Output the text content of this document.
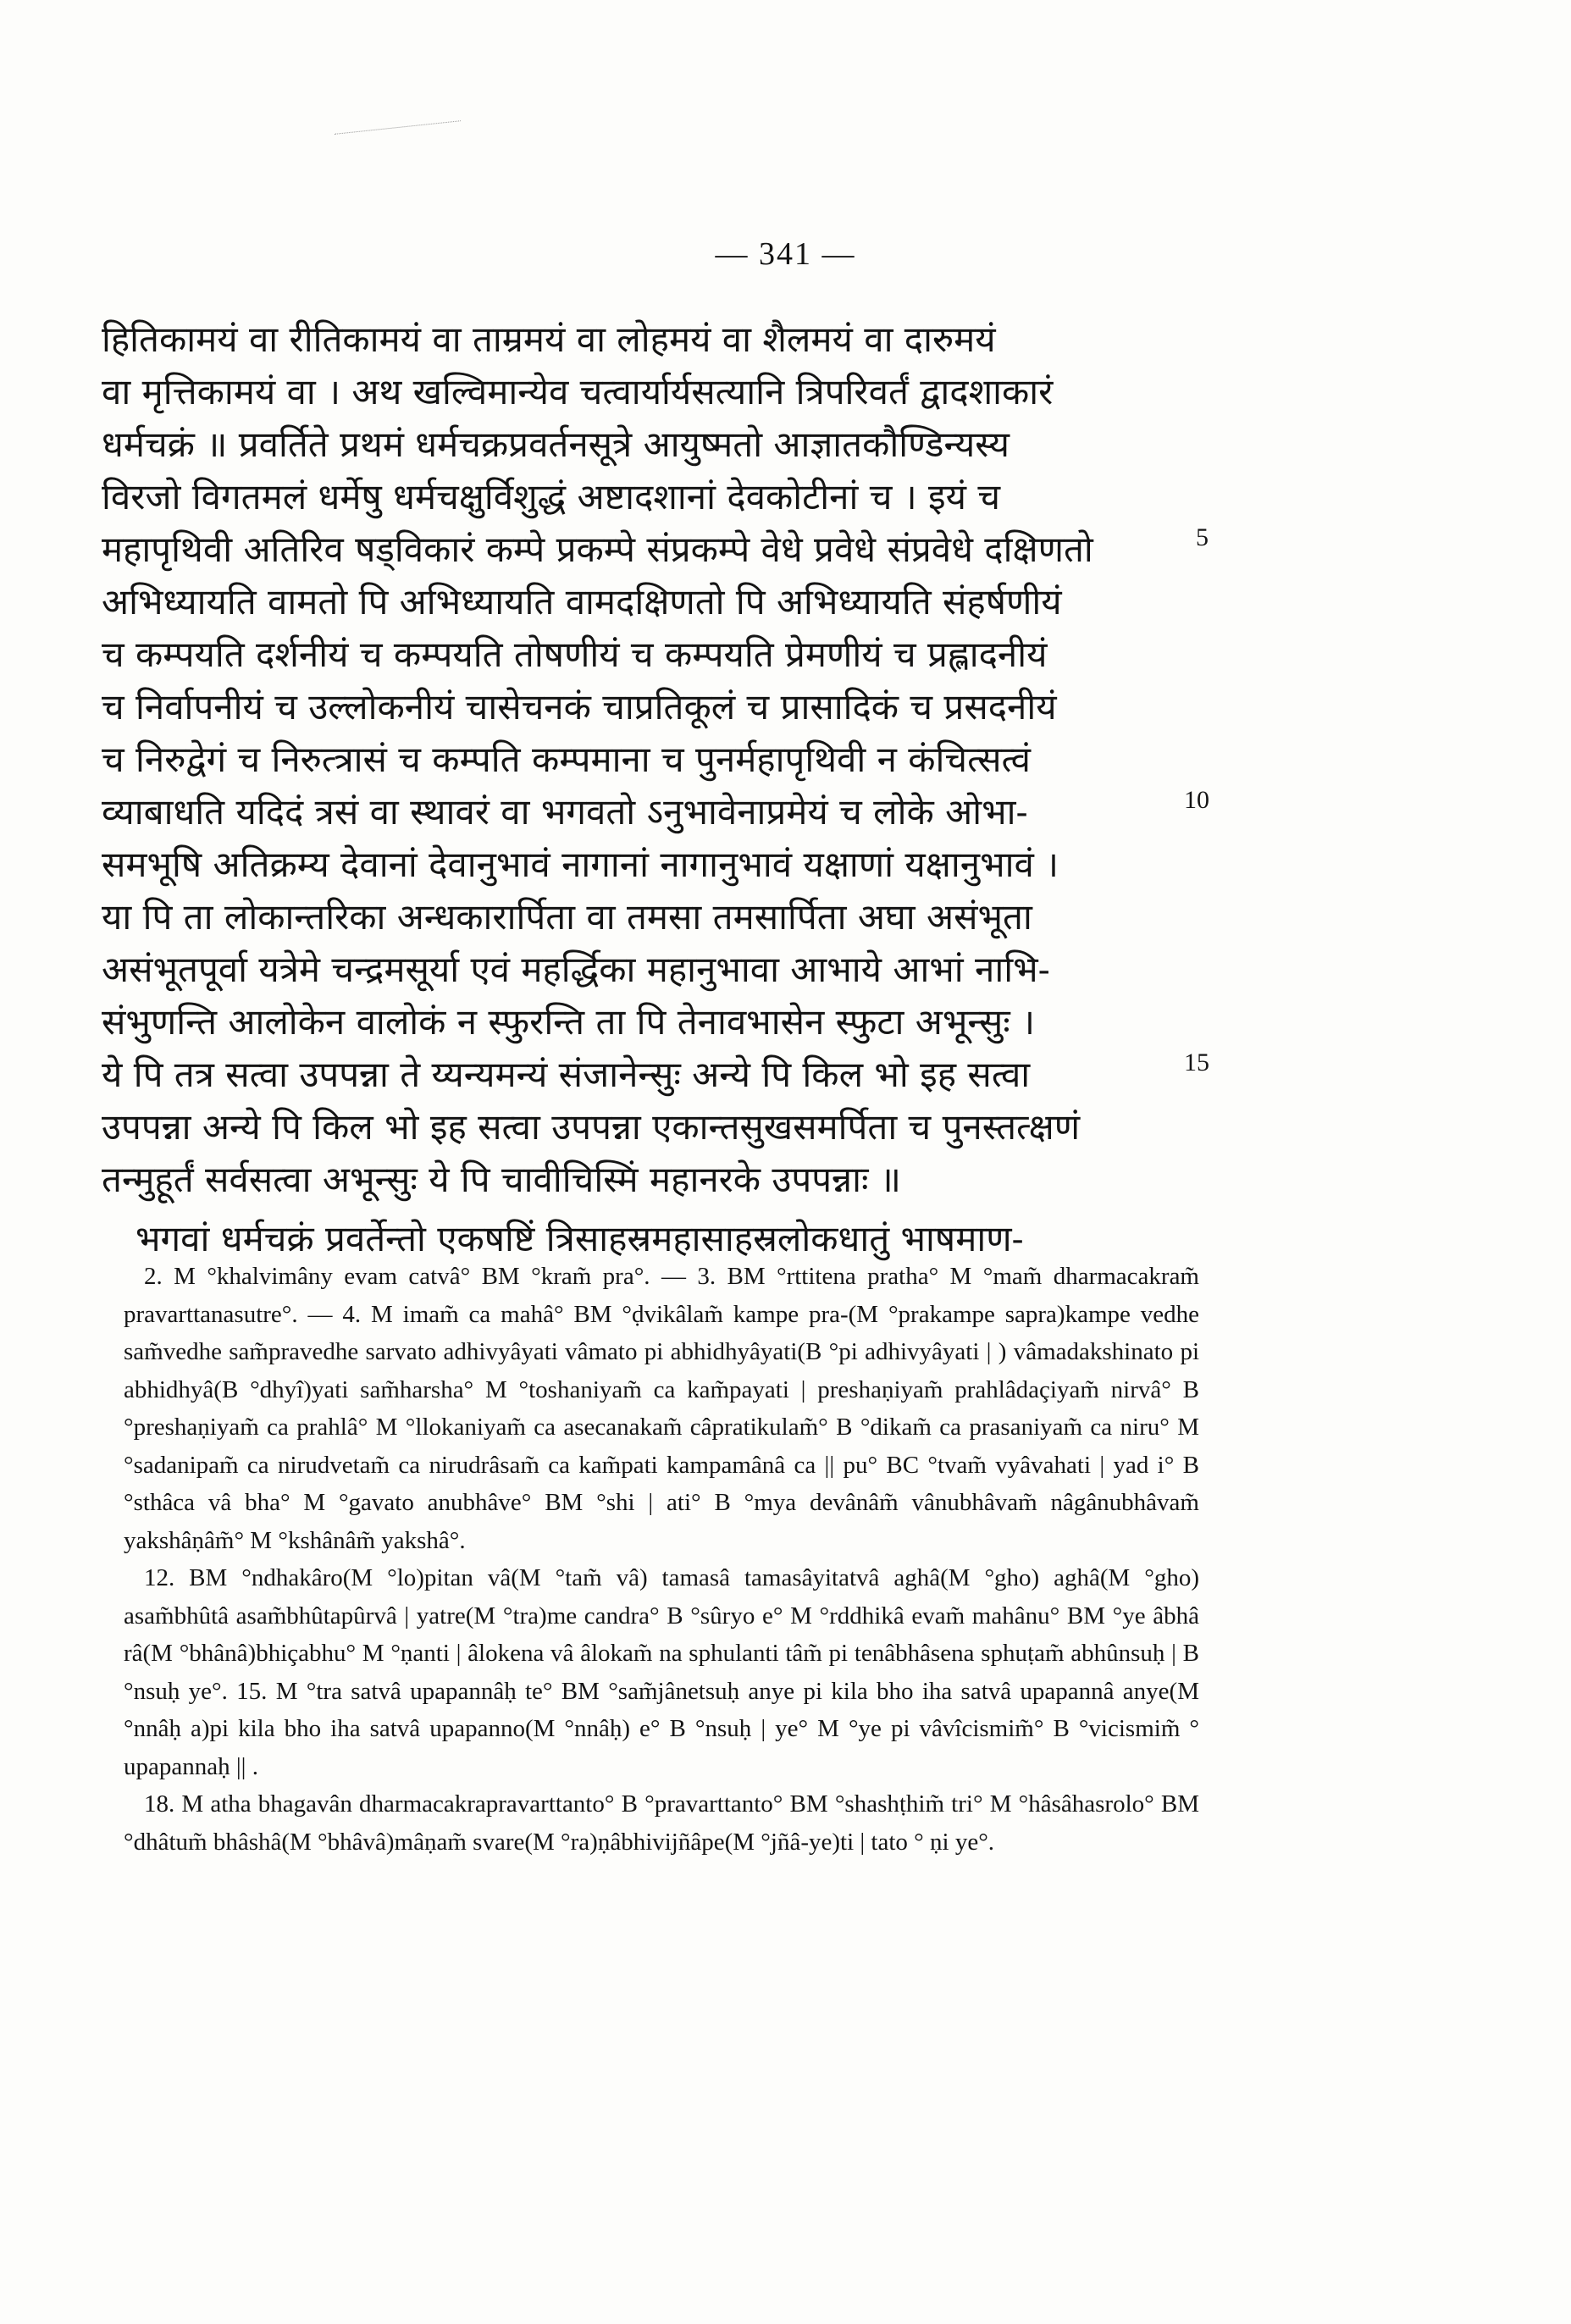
— 341 —
हितिकामयं वा रीतिकामयं वा ताम्रमयं वा लोहमयं वा शैलमयं वा दारुमयं
वा मृत्तिकामयं वा । अथ खल्विमान्येव चत्वार्यार्यसत्यानि त्रिपरिवर्तं द्वादशाकारं
धर्मचक्रं ॥ प्रवर्तिते प्रथमं धर्मचक्रप्रवर्तनसूत्रे आयुष्मतो आज्ञातकौण्डिन्यस्य
विरजो विगतमलं धर्मेषु धर्मचक्षुर्विशुद्धं अष्टादशानां देवकोटीनां च । इयं च
महापृथिवी अतिरिव षड्विकारं कम्पे प्रकम्पे संप्रकम्पे वेधे प्रवेधे संप्रवेधे दक्षिणतो
अभिध्यायति वामतो पि अभिध्यायति वामदक्षिणतो पि अभिध्यायति संहर्षणीयं
च कम्पयति दर्शनीयं च कम्पयति तोषणीयं च कम्पयति प्रेमणीयं च प्रह्लादनीयं
च निर्वापनीयं च उल्लोकनीयं चासेचनकं चाप्रतिकूलं च प्रासादिकं च प्रसदनीयं
च निरुद्वेगं च निरुत्त्रासं च कम्पति कम्पमाना च पुनर्महापृथिवी न कंचित्सत्वं
व्याबाधति यदिदं त्रसं वा स्थावरं वा भगवतो ऽनुभावेनाप्रमेयं च लोके ओभा-
समभूषि अतिक्रम्य देवानां देवानुभावं नागानां नागानुभावं यक्षाणां यक्षानुभावं ।
या पि ता लोकान्तरिका अन्धकारार्पिता वा तमसा तमसार्पिता अघा असंभूता
असंभूतपूर्वा यत्रेमे चन्द्रमसूर्या एवं महर्द्धिका महानुभावा आभाये आभां नाभि-
संभुणन्ति आलोकेन वालोकं न स्फुरन्ति ता पि तेनावभासेन स्फुटा अभून्सुः ।
ये पि तत्र सत्वा उपपन्ना ते य्यन्यमन्यं संजानेन्सुः अन्ये पि किल भो इह सत्वा
उपपन्ना अन्ये पि किल भो इह सत्वा उपपन्ना एकान्तसुखसमर्पिता च पुनस्तत्क्षणं
तन्मुहूर्तं सर्वसत्वा अभून्सुः ये पि चावीचिस्मिं महानरके उपपन्नाः ॥
भगवां धर्मचक्रं प्रवर्तेन्तो एकषष्टिं त्रिसाहस्रमहासाहस्रलोकधातुं भाषमाण-
5
10
15

2. M °khalvimâny evam catvâ° BM °kram̃ pra°. — 3. BM °rttitena pratha° M °mam̃ dharmacakram̃ pravarttanasutre°. — 4. M imam̃ ca mahâ° BM °ḍvikâlam̃ kampe pra-(M °prakampe sapra)kampe vedhe sam̃vedhe sam̃pravedhe sarvato adhivyâyati vâmato pi abhidhyâyati(B °pi adhivyâyati | ) vâmadakshinato pi abhidhyâ(B °dhyî)yati sam̃harsha° M °toshaniyam̃ ca kam̃payati | preshaṇiyam̃ prahlâdaçiyam̃ nirvâ° B °preshaṇiyam̃ ca prahlâ° M °llokaniyam̃ ca asecanakam̃ câpratikulam̃° B °dikam̃ ca prasaniyam̃ ca niru° M °sadanipam̃ ca nirudvetam̃ ca nirudrâsam̃ ca kam̃pati kampamânâ ca || pu° BC °tvam̃ vyâvahati | yad i° B °sthâca vâ bha° M °gavato anubhâve° BM °shi | ati° B °mya devânâm̃ vânubhâvam̃ nâgânubhâvam̃ yakshâṇâm̃° M °kshânâm̃ yakshâ°.

12. BM °ndhakâro(M °lo)pitan vâ(M °tam̃ vâ) tamasâ tamasâyitatvâ aghâ(M °gho) aghâ(M °gho) asam̃bhûtâ asam̃bhûtapûrvâ | yatre(M °tra)me candra° B °sûryo e° M °rddhikâ evam̃ mahânu° BM °ye âbhâ râ(M °bhânâ)bhiçabhu° M °ṇanti | âlokena vâ âlokam̃ na sphulanti tâm̃ pi tenâbhâsena sphuṭam̃ abhûnsuḥ | B °nsuḥ ye°. 15. M °tra satvâ upapannâḥ te° BM °sam̃jânetsuḥ anye pi kila bho iha satvâ upapannâ anye(M °nnâḥ a)pi kila bho iha satvâ upapanno(M °nnâḥ) e° B °nsuḥ | ye° M °ye pi vâvîcismim̃° B °vicismim̃ ° upapannaḥ || .

18. M atha bhagavân dharmacakrapravarttanto° B °pravarttanto° BM °shashṭhim̃ tri° M °hâsâhasrolo° BM °dhâtum̃ bhâshâ(M °bhâvâ)mâṇam̃ svare(M °ra)ṇâbhivijñâpe(M °jñâ-ye)ti | tato ° ṇi ye°.
